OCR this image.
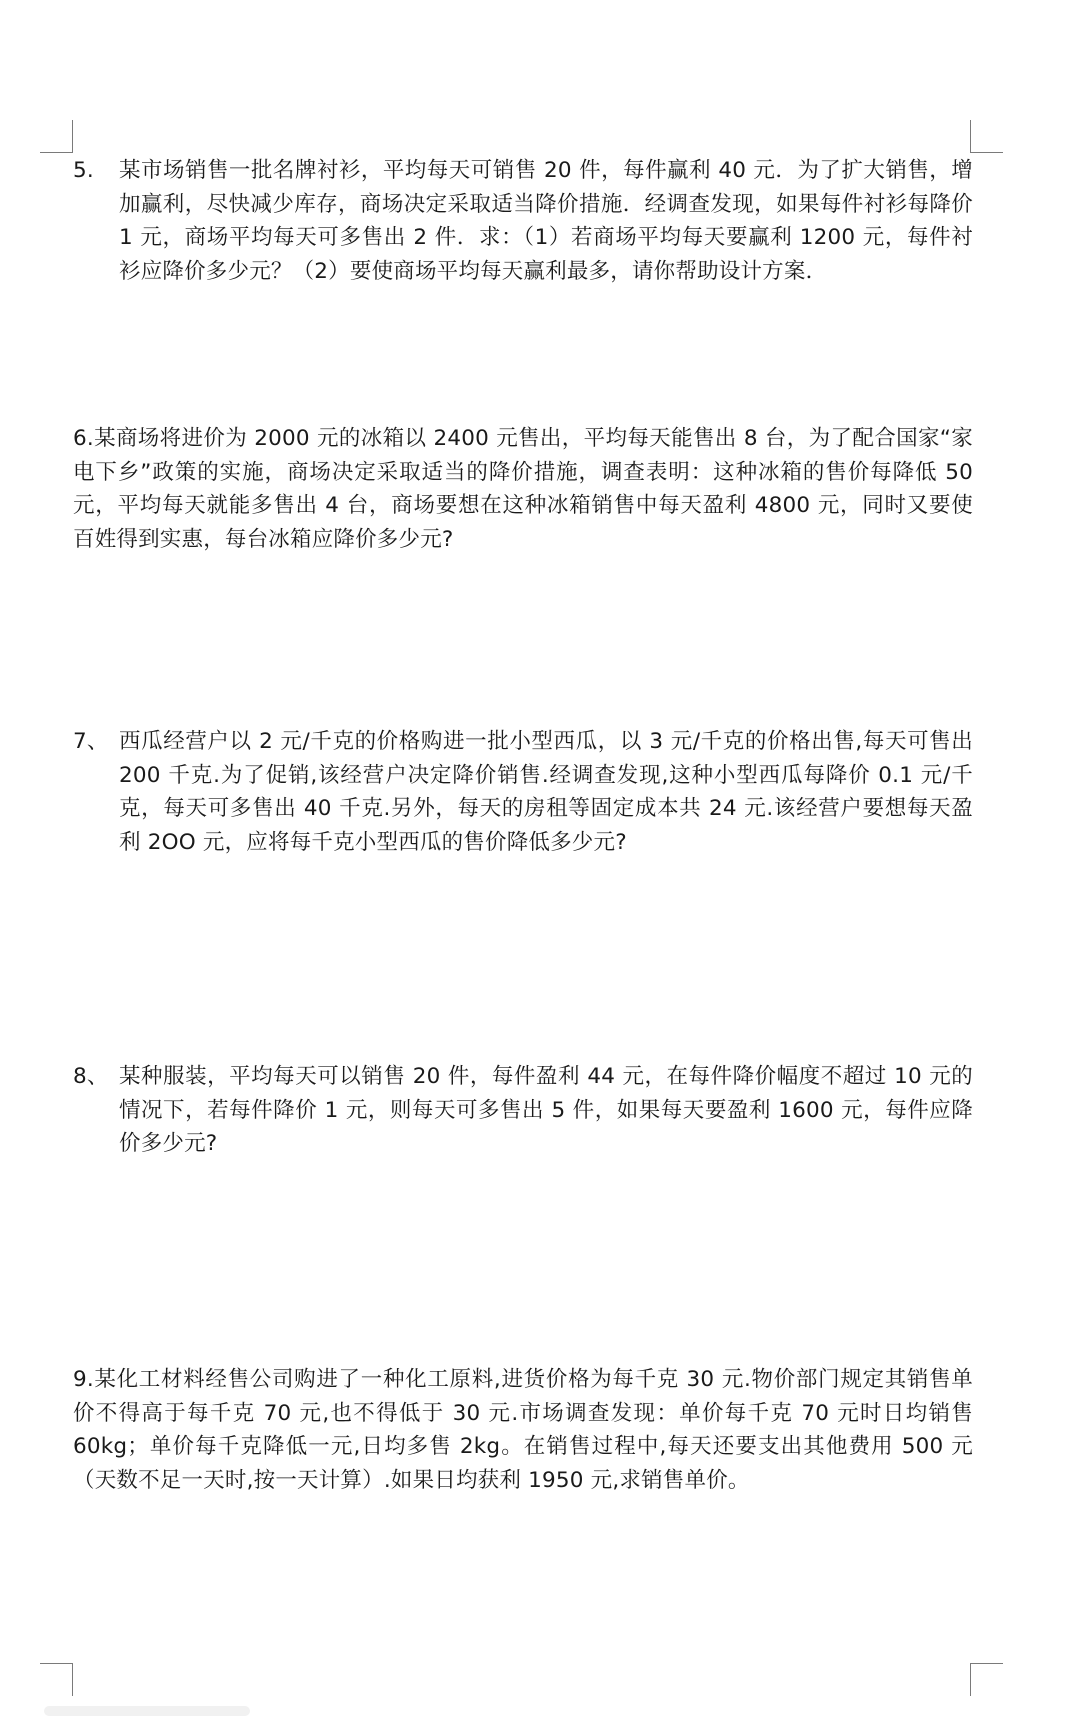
5.	某市场销售一批名牌衬衫，平均每天可销售 20 件，每件赢利 40 元．为了扩大销售，增加赢利，尽快减少库存，商场决定采取适当降价措施．经调查发现，如果每件衬衫每降价 1 元，商场平均每天可多售出 2 件．求：（1）若商场平均每天要赢利 1200 元，每件衬衫应降价多少元？（2）要使商场平均每天赢利最多，请你帮助设计方案．
6.某商场将进价为 2000 元的冰箱以 2400 元售出，平均每天能售出 8 台，为了配合国家“家电下乡”政策的实施，商场决定采取适当的降价措施，调查表明：这种冰箱的售价每降低 50 元，平均每天就能多售出 4 台，商场要想在这种冰箱销售中每天盈利 4800 元，同时又要使百姓得到实惠，每台冰箱应降价多少元?
7、 西瓜经营户以 2 元/千克的价格购进一批小型西瓜，以 3 元/千克的价格出售,每天可售出 200 千克.为了促销,该经营户决定降价销售.经调查发现,这种小型西瓜每降价 0.1 元/千克，每天可多售出 40 千克.另外，每天的房租等固定成本共 24 元.该经营户要想每天盈利 2OO 元，应将每千克小型西瓜的售价降低多少元?
8、 某种服装，平均每天可以销售 20 件，每件盈利 44 元，在每件降价幅度不超过 10 元的情况下，若每件降价 1 元，则每天可多售出 5 件，如果每天要盈利 1600 元，每件应降价多少元?
9.某化工材料经售公司购进了一种化工原料,进货价格为每千克 30 元.物价部门规定其销售单价不得高于每千克 70 元,也不得低于 30 元.市场调查发现：单价每千克 70 元时日均销售 60kg；单价每千克降低一元,日均多售 2kg。在销售过程中,每天还要支出其他费用 500 元（天数不足一天时,按一天计算）.如果日均获利 1950 元,求销售单价。
